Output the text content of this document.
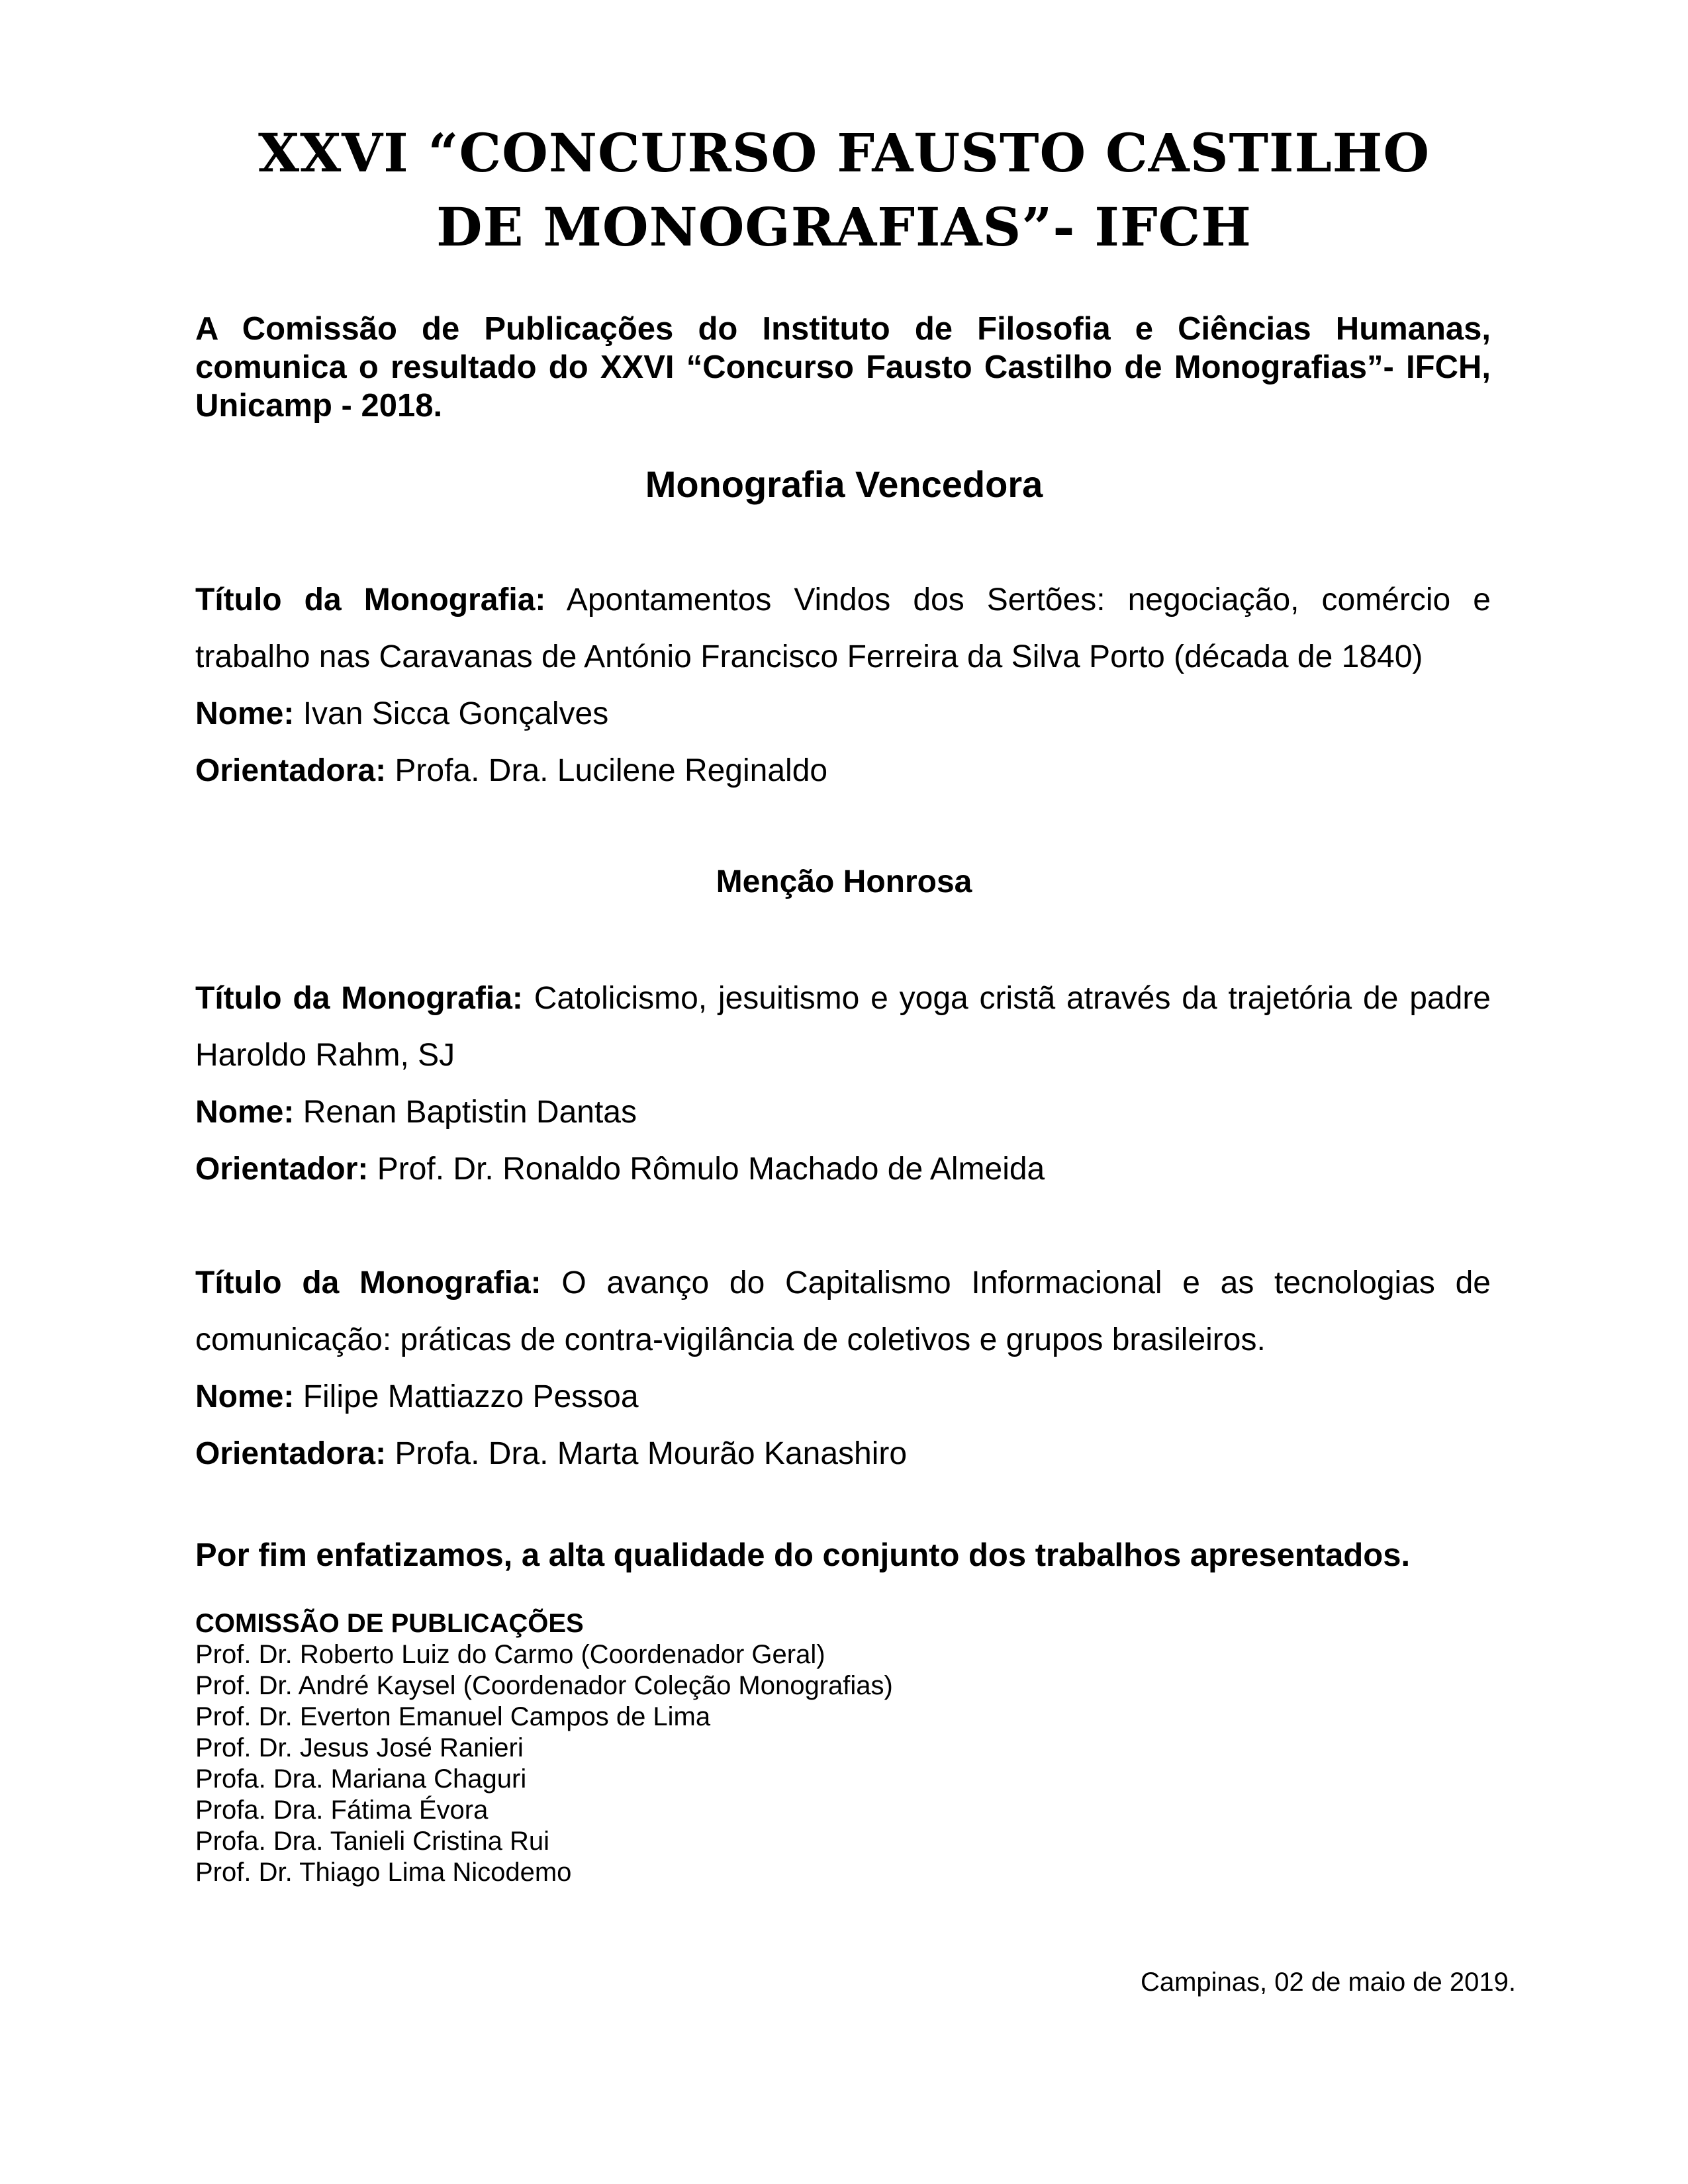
XXVI “CONCURSO FAUSTO CASTILHO
DE MONOGRAFIAS”- IFCH
A Comissão de Publicações do Instituto de Filosofia e Ciências Humanas, comunica o resultado do XXVI “Concurso Fausto Castilho de Monografias”- IFCH, Unicamp - 2018.
Monografia Vencedora

Título da Monografia: Apontamentos Vindos dos Sertões: negociação, comércio e trabalho nas Caravanas de António Francisco Ferreira da Silva Porto (década de 1840)

Nome: Ivan Sicca Gonçalves

Orientadora: Profa. Dra. Lucilene Reginaldo

Menção Honrosa

Título da Monografia: Catolicismo, jesuitismo e yoga cristã através da trajetória de padre Haroldo Rahm, SJ

Nome: Renan Baptistin Dantas

Orientador: Prof. Dr. Ronaldo Rômulo Machado de Almeida

Título da Monografia: O avanço do Capitalismo Informacional e as tecnologias de comunicação: práticas de contra-vigilância de coletivos e grupos brasileiros.

Nome: Filipe Mattiazzo Pessoa

Orientadora: Profa. Dra. Marta Mourão Kanashiro

Por fim enfatizamos, a alta qualidade do conjunto dos trabalhos apresentados.
COMISSÃO DE PUBLICAÇÕES
Prof. Dr. Roberto Luiz do Carmo (Coordenador Geral)
Prof. Dr. André Kaysel (Coordenador Coleção Monografias)
Prof. Dr. Everton Emanuel Campos de Lima
Prof. Dr. Jesus José Ranieri
Profa. Dra. Mariana Chaguri
Profa. Dra. Fátima Évora
Profa. Dra. Tanieli Cristina Rui
Prof. Dr. Thiago Lima Nicodemo
Campinas, 02 de maio de 2019.
